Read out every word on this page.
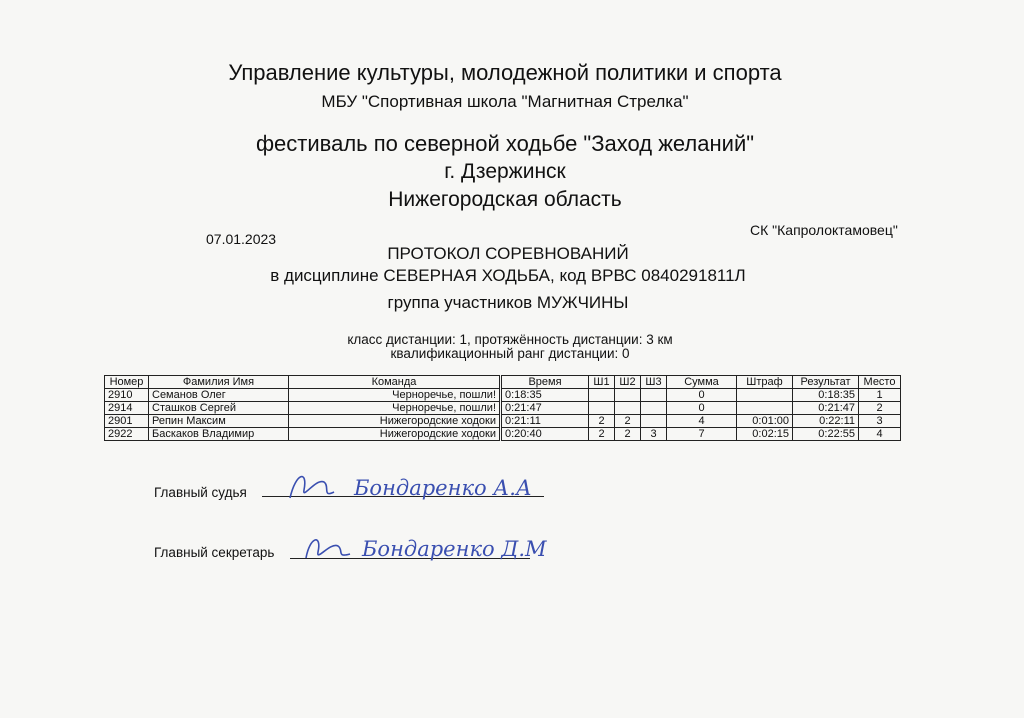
Управление культуры, молодежной политики и спорта
МБУ "Спортивная школа "Магнитная Стрелка"
фестиваль по северной ходьбе "Заход желаний"
г. Дзержинск
Нижегородская область
07.01.2023
СК "Капролоктамовец"
ПРОТОКОЛ СОРЕВНОВАНИЙ
в дисциплине СЕВЕРНАЯ ХОДЬБА, код ВРВС 0840291811Л
группа участников МУЖЧИНЫ
класс дистанции: 1, протяжённость дистанции: 3 км
квалификационный ранг дистанции: 0
Номер	Фамилия Имя	Команда	Время	Ш1	Ш2	Ш3	Сумма	Штраф	Результат	Место
2910	Семанов Олег	Черноречье, пошли!	0:18:35				0		0:18:35	1
2914	Сташков Сергей	Черноречье, пошли!	0:21:47				0		0:21:47	2
2901	Репин Максим	Нижегородские ходоки	0:21:11	2	2		4	0:01:00	0:22:11	3
2922	Баскаков Владимир	Нижегородские ходоки	0:20:40	2	2	3	7	0:02:15	0:22:55	4
Главный судья	Бондаренко А.А
Главный секретарь	Бондаренко Д.М
